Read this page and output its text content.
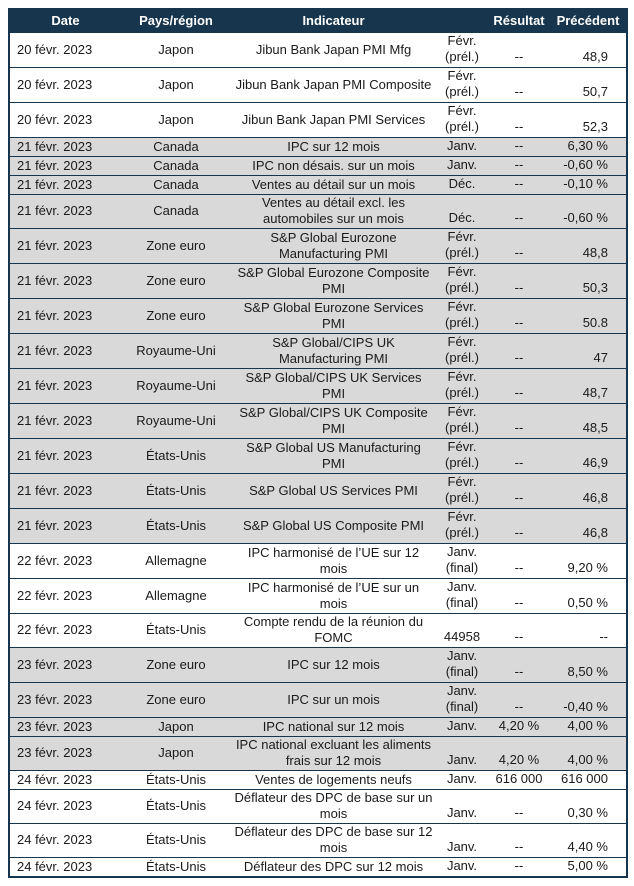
Date	Pays/région	Indicateur		Résultat	Précédent
20 févr. 2023	Japon	Jibun Bank Japan PMI Mfg	Févr. (prél.)	--	48,9
20 févr. 2023	Japon	Jibun Bank Japan PMI Composite	Févr. (prél.)	--	50,7
20 févr. 2023	Japon	Jibun Bank Japan PMI Services	Févr. (prél.)	--	52,3
21 févr. 2023	Canada	IPC sur 12 mois	Janv.	--	6,30 %
21 févr. 2023	Canada	IPC non désais. sur un mois	Janv.	--	-0,60 %
21 févr. 2023	Canada	Ventes au détail sur un mois	Déc.	--	-0,10 %
21 févr. 2023	Canada	Ventes au détail excl. les automobiles sur un mois	Déc.	--	-0,60 %
21 févr. 2023	Zone euro	S&P Global Eurozone Manufacturing PMI	Févr. (prél.)	--	48,8
21 févr. 2023	Zone euro	S&P Global Eurozone Composite PMI	Févr. (prél.)	--	50,3
21 févr. 2023	Zone euro	S&P Global Eurozone Services PMI	Févr. (prél.)	--	50.8
21 févr. 2023	Royaume-Uni	S&P Global/CIPS UK Manufacturing PMI	Févr. (prél.)	--	47
21 févr. 2023	Royaume-Uni	S&P Global/CIPS UK Services PMI	Févr. (prél.)	--	48,7
21 févr. 2023	Royaume-Uni	S&P Global/CIPS UK Composite PMI	Févr. (prél.)	--	48,5
21 févr. 2023	États-Unis	S&P Global US Manufacturing PMI	Févr. (prél.)	--	46,9
21 févr. 2023	États-Unis	S&P Global US Services PMI	Févr. (prél.)	--	46,8
21 févr. 2023	États-Unis	S&P Global US Composite PMI	Févr. (prél.)	--	46,8
22 févr. 2023	Allemagne	IPC harmonisé de l’UE sur 12 mois	Janv. (final)	--	9,20 %
22 févr. 2023	Allemagne	IPC harmonisé de l’UE sur un mois	Janv. (final)	--	0,50 %
22 févr. 2023	États-Unis	Compte rendu de la réunion du FOMC	44958	--	--
23 févr. 2023	Zone euro	IPC sur 12 mois	Janv. (final)	--	8,50 %
23 févr. 2023	Zone euro	IPC sur un mois	Janv. (final)	--	-0,40 %
23 févr. 2023	Japon	IPC national sur 12 mois	Janv.	4,20 %	4,00 %
23 févr. 2023	Japon	IPC national excluant les aliments frais sur 12 mois	Janv.	4,20 %	4,00 %
24 févr. 2023	États-Unis	Ventes de logements neufs	Janv.	616 000	616 000
24 févr. 2023	États-Unis	Déflateur des DPC de base sur un mois	Janv.	--	0,30 %
24 févr. 2023	États-Unis	Déflateur des DPC de base sur 12 mois	Janv.	--	4,40 %
24 févr. 2023	États-Unis	Déflateur des DPC sur 12 mois	Janv.	--	5,00 %
